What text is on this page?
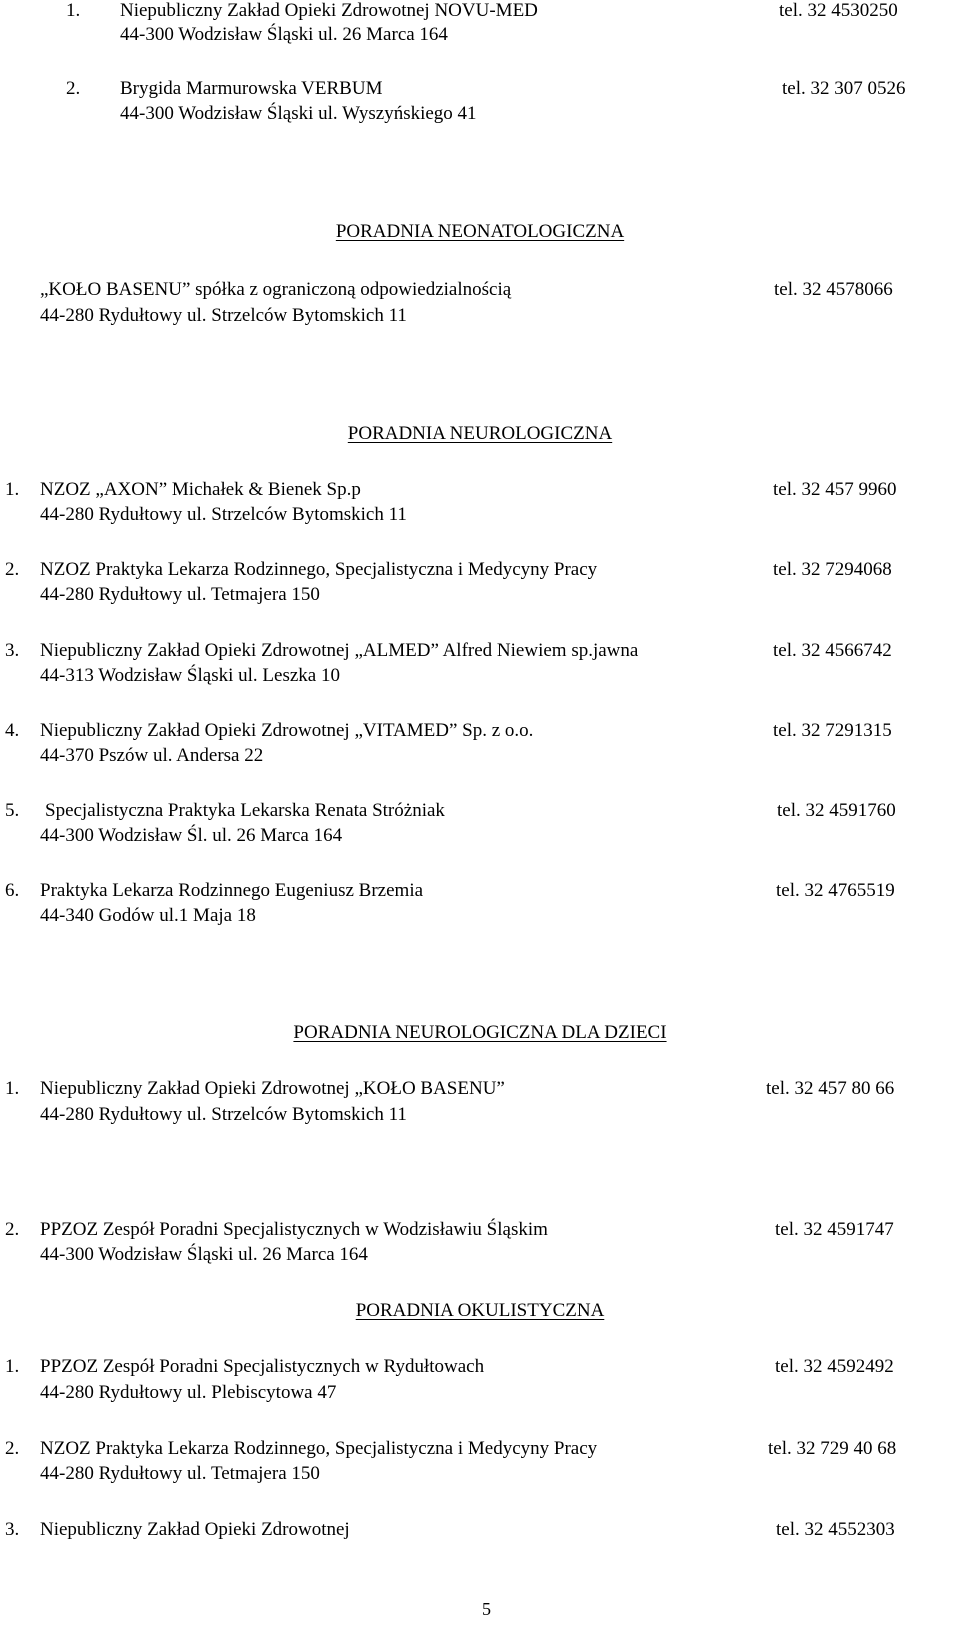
1. Niepubliczny Zakład Opieki Zdrowotnej NOVU-MED	tel. 32 4530250
44-300 Wodzisław Śląski ul. 26 Marca 164
2. Brygida Marmurowska VERBUM	tel. 32 307 0526
44-300 Wodzisław Śląski ul. Wyszyńskiego 41
PORADNIA NEONATOLOGICZNA
„KOŁO BASENU” spółka z ograniczoną odpowiedzialnością	tel. 32 4578066
44-280 Rydułtowy ul. Strzelców Bytomskich 11
PORADNIA NEUROLOGICZNA
1. NZOZ „AXON” Michałek & Bienek Sp.p	tel. 32 457 9960
44-280 Rydułtowy ul. Strzelców Bytomskich 11
2. NZOZ Praktyka Lekarza Rodzinnego, Specjalistyczna i Medycyny Pracy	tel. 32 7294068
44-280 Rydułtowy ul. Tetmajera 150
3. Niepubliczny Zakład Opieki Zdrowotnej „ALMED” Alfred Niewiem sp.jawna	tel. 32 4566742
44-313 Wodzisław Śląski ul. Leszka 10
4. Niepubliczny Zakład Opieki Zdrowotnej „VITAMED” Sp. z o.o.	tel. 32 7291315
44-370 Pszów ul. Andersa 22
5. Specjalistyczna Praktyka Lekarska Renata Stróżniak	tel. 32 4591760
44-300 Wodzisław Śl. ul. 26 Marca 164
6. Praktyka Lekarza Rodzinnego Eugeniusz Brzemia	tel. 32 4765519
44-340 Godów ul.1 Maja 18
PORADNIA NEUROLOGICZNA DLA DZIECI
1. Niepubliczny Zakład Opieki Zdrowotnej „KOŁO BASENU”	tel. 32 457 80 66
44-280 Rydułtowy ul. Strzelców Bytomskich 11
2. PPZOZ Zespół Poradni Specjalistycznych w Wodzisławiu Śląskim	tel. 32 4591747
44-300 Wodzisław Śląski ul. 26 Marca 164
PORADNIA OKULISTYCZNA
1. PPZOZ Zespół Poradni Specjalistycznych w Rydułtowach	tel. 32 4592492
44-280 Rydułtowy ul. Plebiscytowa 47
2. NZOZ Praktyka Lekarza Rodzinnego, Specjalistyczna i Medycyny Pracy	tel. 32 729 40 68
44-280 Rydułtowy ul. Tetmajera 150
3. Niepubliczny Zakład Opieki Zdrowotnej	tel. 32 4552303
5
